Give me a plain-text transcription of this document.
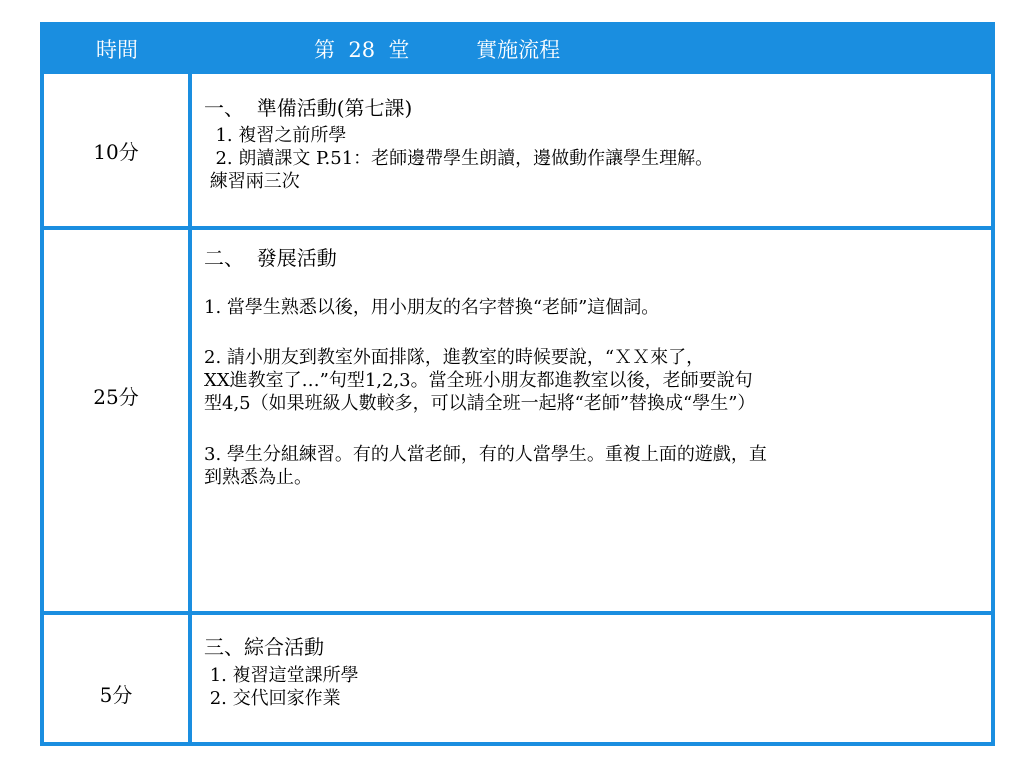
時間	第  28  堂          實施流程
10分
一、  準備活動(第七課)
1. 複習之前所學
2. 朗讀課文 P.51：老師邊帶學生朗讀，邊做動作讓學生理解。
練習兩三次
25分
二、  發展活動
1. 當學生熟悉以後，用小朋友的名字替換“老師”這個詞。
2. 請小朋友到教室外面排隊，進教室的時候要說，“ＸＸ來了，
XX進教室了…”句型1,2,3。當全班小朋友都進教室以後，老師要說句
型4,5（如果班級人數較多，可以請全班一起將“老師”替換成“學生”）
3. 學生分組練習。有的人當老師，有的人當學生。重複上面的遊戲，直
到熟悉為止。
5分
三、綜合活動
1. 複習這堂課所學
2. 交代回家作業
